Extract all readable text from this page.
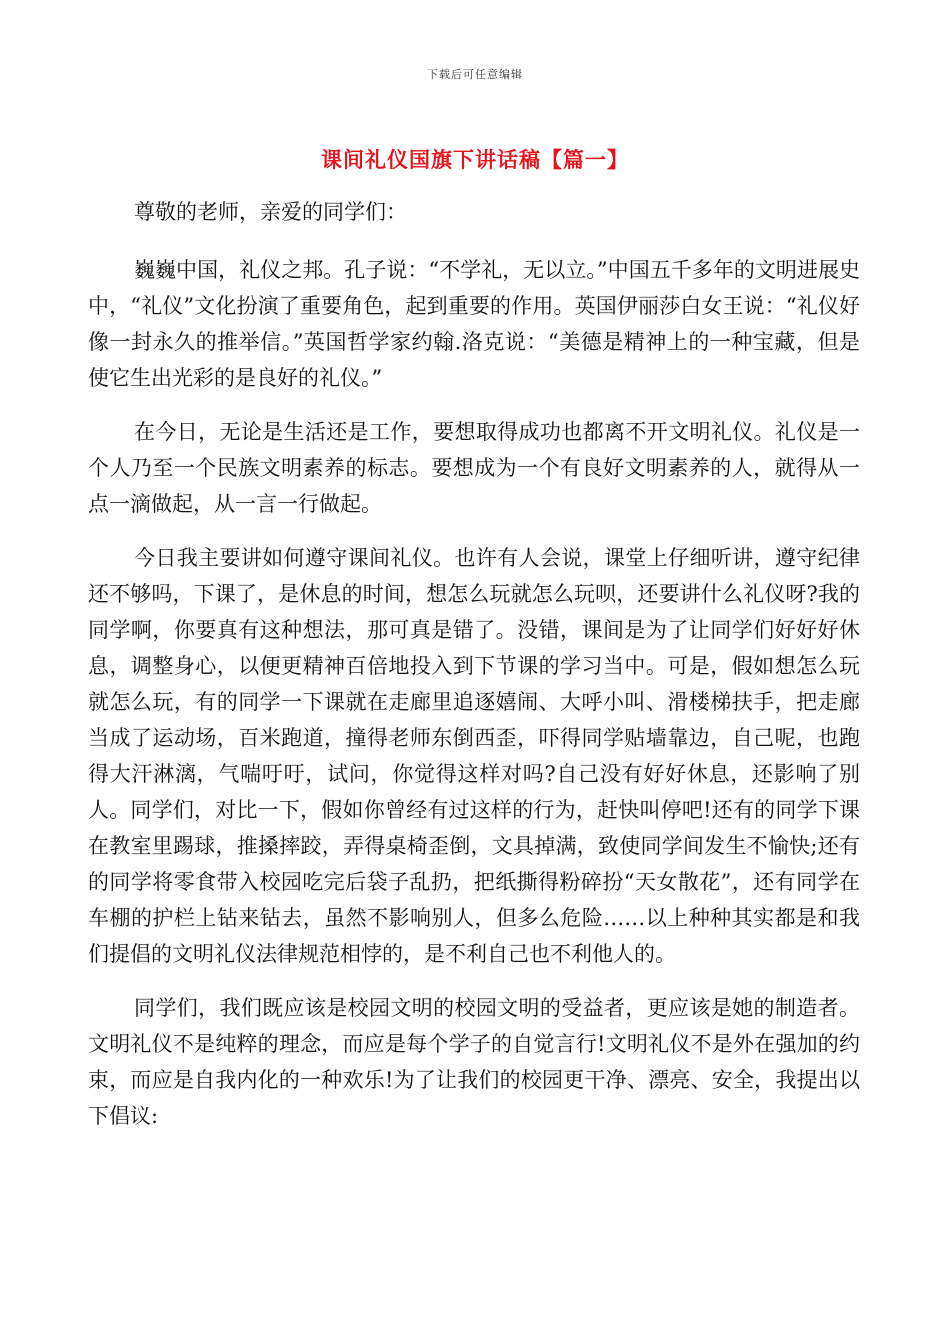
下载后可任意编辑
课间礼仪国旗下讲话稿【篇一】

尊敬的老师，亲爱的同学们：

巍巍中国，礼仪之邦。孔子说：“不学礼，无以立。”中国五千多年的文明进展史中，“礼仪”文化扮演了重要角色，起到重要的作用。英国伊丽莎白女王说：“礼仪好像一封永久的推举信。”英国哲学家约翰.洛克说：“美德是精神上的一种宝藏，但是使它生出光彩的是良好的礼仪。”

在今日，无论是生活还是工作，要想取得成功也都离不开文明礼仪。礼仪是一个人乃至一个民族文明素养的标志。要想成为一个有良好文明素养的人，就得从一点一滴做起，从一言一行做起。

今日我主要讲如何遵守课间礼仪。也许有人会说，课堂上仔细听讲，遵守纪律还不够吗，下课了，是休息的时间，想怎么玩就怎么玩呗，还要讲什么礼仪呀?我的同学啊，你要真有这种想法，那可真是错了。没错，课间是为了让同学们好好好休息，调整身心，以便更精神百倍地投入到下节课的学习当中。可是，假如想怎么玩就怎么玩，有的同学一下课就在走廊里追逐嬉闹、大呼小叫、滑楼梯扶手，把走廊当成了运动场，百米跑道，撞得老师东倒西歪，吓得同学贴墙靠边，自己呢，也跑得大汗淋漓，气喘吁吁，试问，你觉得这样对吗?自己没有好好休息，还影响了别人。同学们，对比一下，假如你曾经有过这样的行为，赶快叫停吧!还有的同学下课在教室里踢球，推搡摔跤，弄得桌椅歪倒，文具掉满，致使同学间发生不愉快;还有的同学将零食带入校园吃完后袋子乱扔，把纸撕得粉碎扮“天女散花”，还有同学在车棚的护栏上钻来钻去，虽然不影响别人，但多么危险……以上种种其实都是和我们提倡的文明礼仪法律规范相悖的，是不利自己也不利他人的。

同学们，我们既应该是校园文明的校园文明的受益者，更应该是她的制造者。文明礼仪不是纯粹的理念，而应是每个学子的自觉言行!文明礼仪不是外在强加的约束，而应是自我内化的一种欢乐!为了让我们的校园更干净、漂亮、安全，我提出以下倡议:
